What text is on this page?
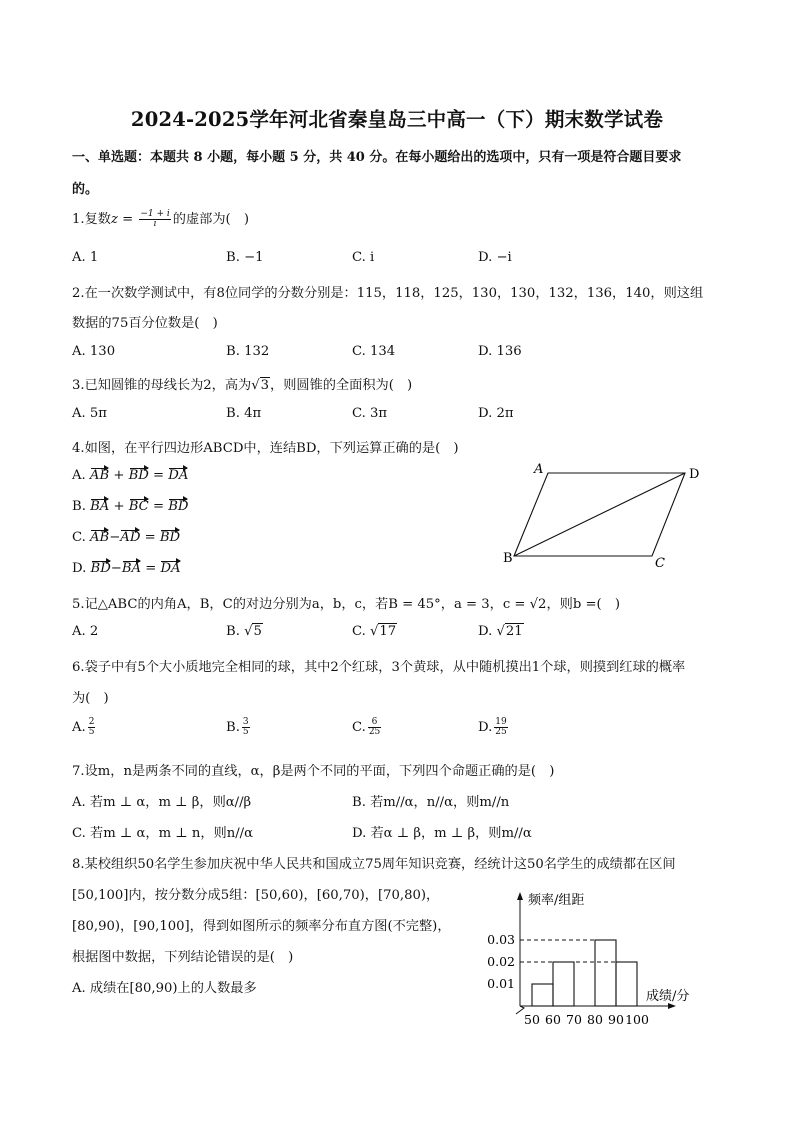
2024-2025学年河北省秦皇岛三中高一（下）期末数学试卷
一、单选题：本题共 8 小题，每小题 5 分，共 40 分。在每小题给出的选项中，只有一项是符合题目要求
的。
1.复数$z = \frac{-1 + i}{i}$ 的虚部为(　)
A. 1	B. −1	C. i	D. −i
2.在一次数学测试中，有8位同学的分数分别是：115，118，125，130，130，132，136，140，则这组
数据的75百分位数是(　)
A. 130	B. 132	C. 134	D. 136
3.已知圆锥的母线长为2，高为√3，则圆锥的全面积为(　)
A. 5π	B. 4π	C. 3π	D. 2π
4.如图，在平行四边形ABCD中，连结BD，下列运算正确的是(　)
A. AB + BD = DA
B. BA + BC = BD
C. AB−AD = BD
D. BD−BA = DA
A	D
B	C
5.记△ABC的内角A，B，C的对边分别为a，b，c，若B = 45°，a = 3，c = √2，则b =(　)
A. 2	B. √5	C. √17	D. √21
6.袋子中有5个大小质地完全相同的球，其中2个红球，3个黄球，从中随机摸出1个球，则摸到红球的概率
为(　)
A. $\frac{2}{5}$	B. $\frac{3}{5}$	C. $\frac{6}{25}$	D. $\frac{19}{25}$
7.设m，n是两条不同的直线，α，β是两个不同的平面，下列四个命题正确的是(　)
A. 若m ⊥ α，m ⊥ β，则α//β	B. 若m//α，n//α，则m//n
C. 若m ⊥ α，m ⊥ n，则n//α	D. 若α ⊥ β，m ⊥ β，则m//α
8.某校组织50名学生参加庆祝中华人民共和国成立75周年知识竞赛，经统计这50名学生的成绩都在区间
[50,100]内，按分数分成5组：[50,60)，[60,70)，[70,80)，
[80,90)，[90,100]，得到如图所示的频率分布直方图(不完整)，
根据图中数据，下列结论错误的是(　)
A. 成绩在[80,90)上的人数最多
频率/组距
成绩/分
0.01
0.02
0.03
50 60 70 80 90 100
